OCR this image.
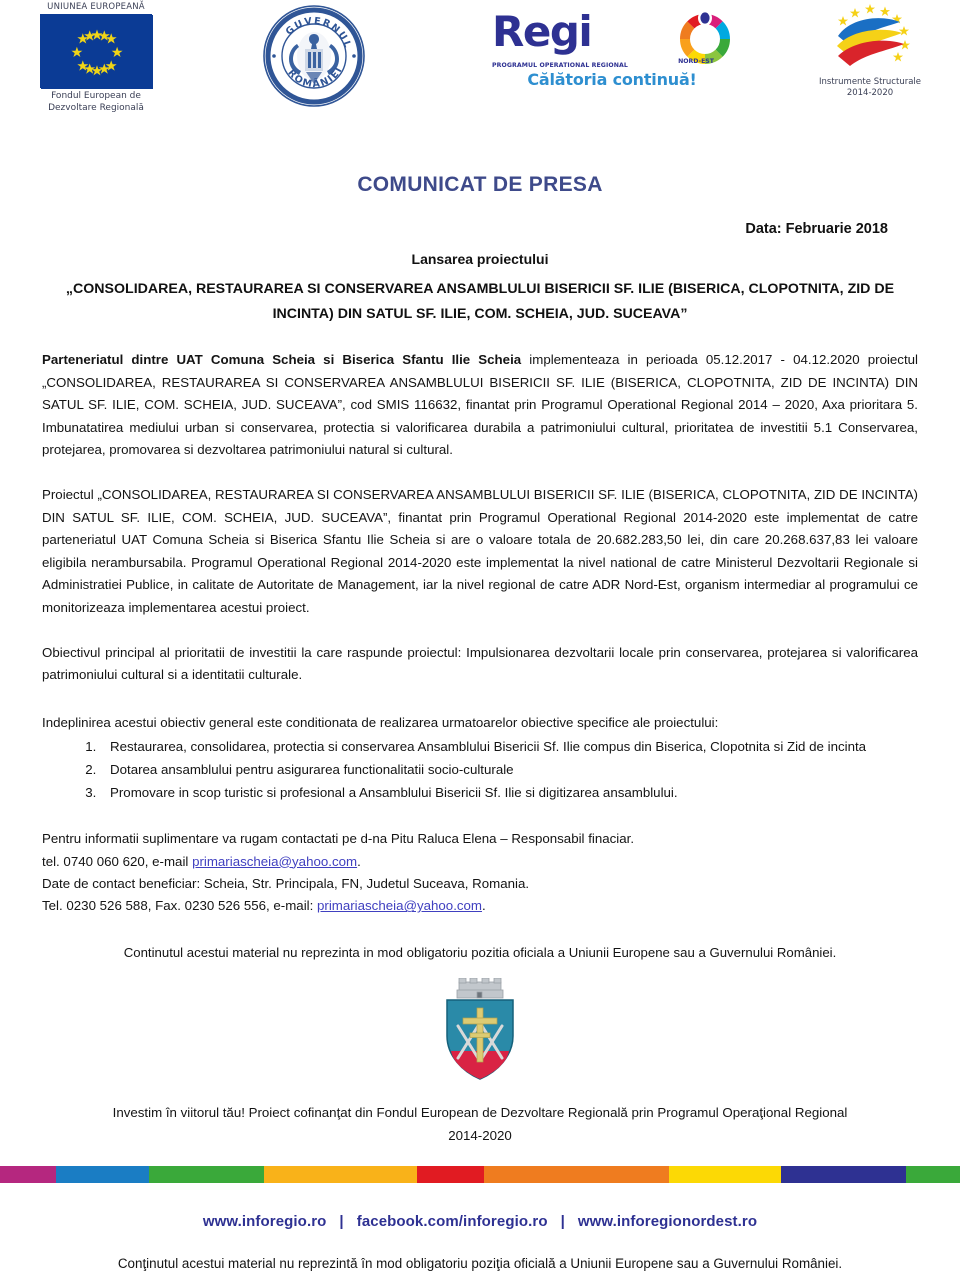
UNIUNEA EUROPEANĂ
Fondul European de
Dezvoltare Regională
GUVERNUL
ROMÂNIEI
Regi
NORD-EST
PROGRAMUL OPERATIONAL REGIONAL
Călătoria continuă!	Instrumente Structurale
2014-2020
COMUNICAT DE PRESA
Data: Februarie 2018
Lansarea proiectului
„CONSOLIDAREA, RESTAURAREA SI CONSERVAREA ANSAMBLULUI BISERICII SF. ILIE (BISERICA, CLOPOTNITA, ZID DE INCINTA) DIN SATUL SF. ILIE, COM. SCHEIA, JUD. SUCEAVA”

Parteneriatul dintre UAT Comuna Scheia si Biserica Sfantu Ilie Scheia implementeaza in perioada 05.12.2017 - 04.12.2020 proiectul „CONSOLIDAREA, RESTAURAREA SI CONSERVAREA ANSAMBLULUI BISERICII SF. ILIE (BISERICA, CLOPOTNITA, ZID DE INCINTA) DIN SATUL SF. ILIE, COM. SCHEIA, JUD. SUCEAVA”, cod SMIS 116632, finantat prin Programul Operational Regional 2014 – 2020, Axa prioritara 5. Imbunatatirea mediului urban si conservarea, protectia si valorificarea durabila a patrimoniului cultural, prioritatea de investitii 5.1 Conservarea, protejarea, promovarea si dezvoltarea patrimoniului natural si cultural.

Proiectul „CONSOLIDAREA, RESTAURAREA SI CONSERVAREA ANSAMBLULUI BISERICII SF. ILIE (BISERICA, CLOPOTNITA, ZID DE INCINTA) DIN SATUL SF. ILIE, COM. SCHEIA, JUD. SUCEAVA”, finantat prin Programul Operational Regional 2014-2020 este implementat de catre parteneriatul UAT Comuna Scheia si Biserica Sfantu Ilie Scheia si are o valoare totala de 20.682.283,50 lei, din care 20.268.637,83 lei valoare eligibila nerambursabila. Programul Operational Regional 2014-2020 este implementat la nivel national de catre Ministerul Dezvoltarii Regionale si Administratiei Publice, in calitate de Autoritate de Management, iar la nivel regional de catre ADR Nord-Est, organism intermediar al programului ce monitorizeaza implementarea acestui proiect.

Obiectivul principal al prioritatii de investitii la care raspunde proiectul: Impulsionarea dezvoltarii locale prin conservarea, protejarea si valorificarea patrimoniului cultural si a identitatii culturale.

Indeplinirea acestui obiectiv general este conditionata de realizarea urmatoarelor obiective specifice ale proiectului:

1. Restaurarea, consolidarea, protectia si conservarea Ansamblului Bisericii Sf. Ilie compus din Biserica, Clopotnita si Zid de incinta
2. Dotarea ansamblului pentru asigurarea functionalitatii socio-culturale
3. Promovare in scop turistic si profesional a Ansamblului Bisericii Sf. Ilie si digitizarea ansamblului.
Pentru informatii suplimentare va rugam contactati pe d-na Pitu Raluca Elena – Responsabil finaciar.
tel. 0740 060 620, e-mail primariascheia@yahoo.com.
Date de contact beneficiar: Scheia, Str. Principala, FN, Judetul Suceava, Romania.
Tel. 0230 526 588, Fax. 0230 526 556, e-mail: primariascheia@yahoo.com.
Continutul acestui material nu reprezinta in mod obligatoriu pozitia oficiala a Uniunii Europene sau a Guvernului României.
Investim în viitorul tău! Proiect cofinanţat din Fondul European de Dezvoltare Regională prin Programul Operaţional Regional 2014-2020
www.inforegio.ro | facebook.com/inforegio.ro | www.inforegionordest.ro
Conţinutul acestui material nu reprezintă în mod obligatoriu poziţia oficială a Uniunii Europene sau a Guvernului României.
